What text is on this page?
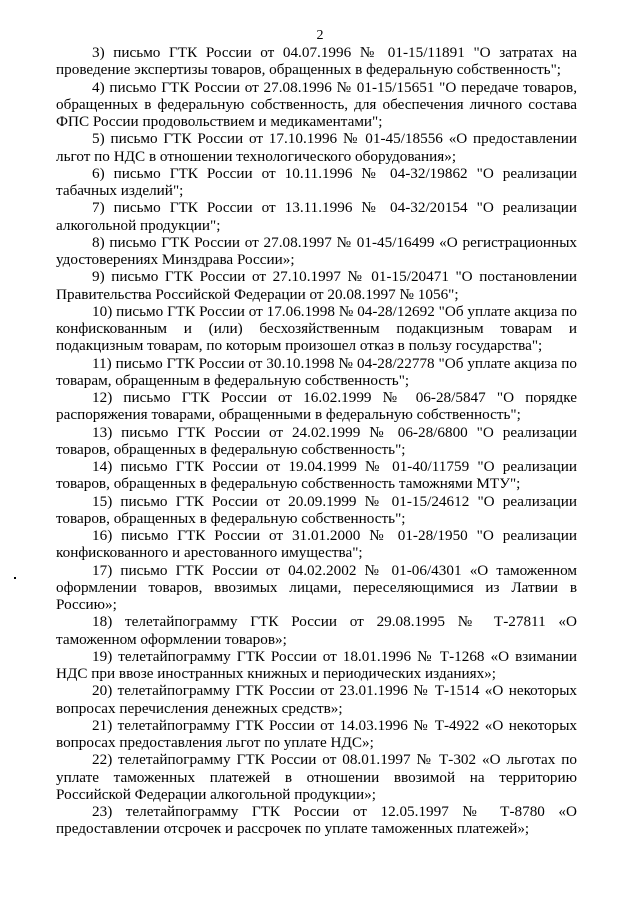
2

3) письмо ГТК России от 04.07.1996 № 01-15/11891 "О затратах на проведение экспертизы товаров, обращенных в федеральную собственность";

4) письмо ГТК России от 27.08.1996 № 01-15/15651 "О передаче товаров, обращенных в федеральную собственность, для обеспечения личного состава ФПС России продовольствием и медикаментами";

5) письмо ГТК России от 17.10.1996 № 01-45/18556 «О предоставлении льгот по НДС в отношении технологического оборудования»;

6) письмо ГТК России от 10.11.1996 № 04-32/19862 "О реализации табачных изделий";

7) письмо ГТК России от 13.11.1996 № 04-32/20154 "О реализации алкогольной продукции";

8) письмо ГТК России от 27.08.1997 № 01-45/16499 «О регистрационных удостоверениях Минздрава России»;

9) письмо ГТК России от 27.10.1997 № 01-15/20471 "О постановлении Правительства Российской Федерации от 20.08.1997 № 1056";

10) письмо ГТК России от 17.06.1998 № 04-28/12692 "Об уплате акциза по конфискованным и (или) бесхозяйственным подакцизным товарам и подакцизным товарам, по которым произошел отказ в пользу государства";

11) письмо ГТК России от 30.10.1998 № 04-28/22778 "Об уплате акциза по товарам, обращенным в федеральную собственность";

12) письмо ГТК России от 16.02.1999 № 06-28/5847 "О порядке распоряжения товарами, обращенными в федеральную собственность";

13) письмо ГТК России от 24.02.1999 № 06-28/6800 "О реализации товаров, обращенных в федеральную собственность";

14) письмо ГТК России от 19.04.1999 № 01-40/11759 "О реализации товаров, обращенных в федеральную собственность таможнями МТУ";

15) письмо ГТК России от 20.09.1999 № 01-15/24612 "О реализации товаров, обращенных в федеральную собственность";

16) письмо ГТК России от 31.01.2000 № 01-28/1950 "О реализации конфискованного и арестованного имущества";

17) письмо ГТК России от 04.02.2002 № 01-06/4301 «О таможенном оформлении товаров, ввозимых лицами, переселяющимися из Латвии в Россию»;

18) телетайпограмму ГТК России от 29.08.1995 № Т-27811 «О таможенном оформлении товаров»;

19) телетайпограмму ГТК России от 18.01.1996 № Т-1268 «О взимании НДС при ввозе иностранных книжных и периодических изданиях»;

20) телетайпограмму ГТК России от 23.01.1996 № Т-1514 «О некоторых вопросах перечисления денежных средств»;

21) телетайпограмму ГТК России от 14.03.1996 № Т-4922 «О некоторых вопросах предоставления льгот по уплате НДС»;

22) телетайпограмму ГТК России от 08.01.1997 № Т-302 «О льготах по уплате таможенных платежей в отношении ввозимой на территорию Российской Федерации алкогольной продукции»;

23) телетайпограмму ГТК России от 12.05.1997 № Т-8780 «О предоставлении отсрочек и рассрочек по уплате таможенных платежей»;
